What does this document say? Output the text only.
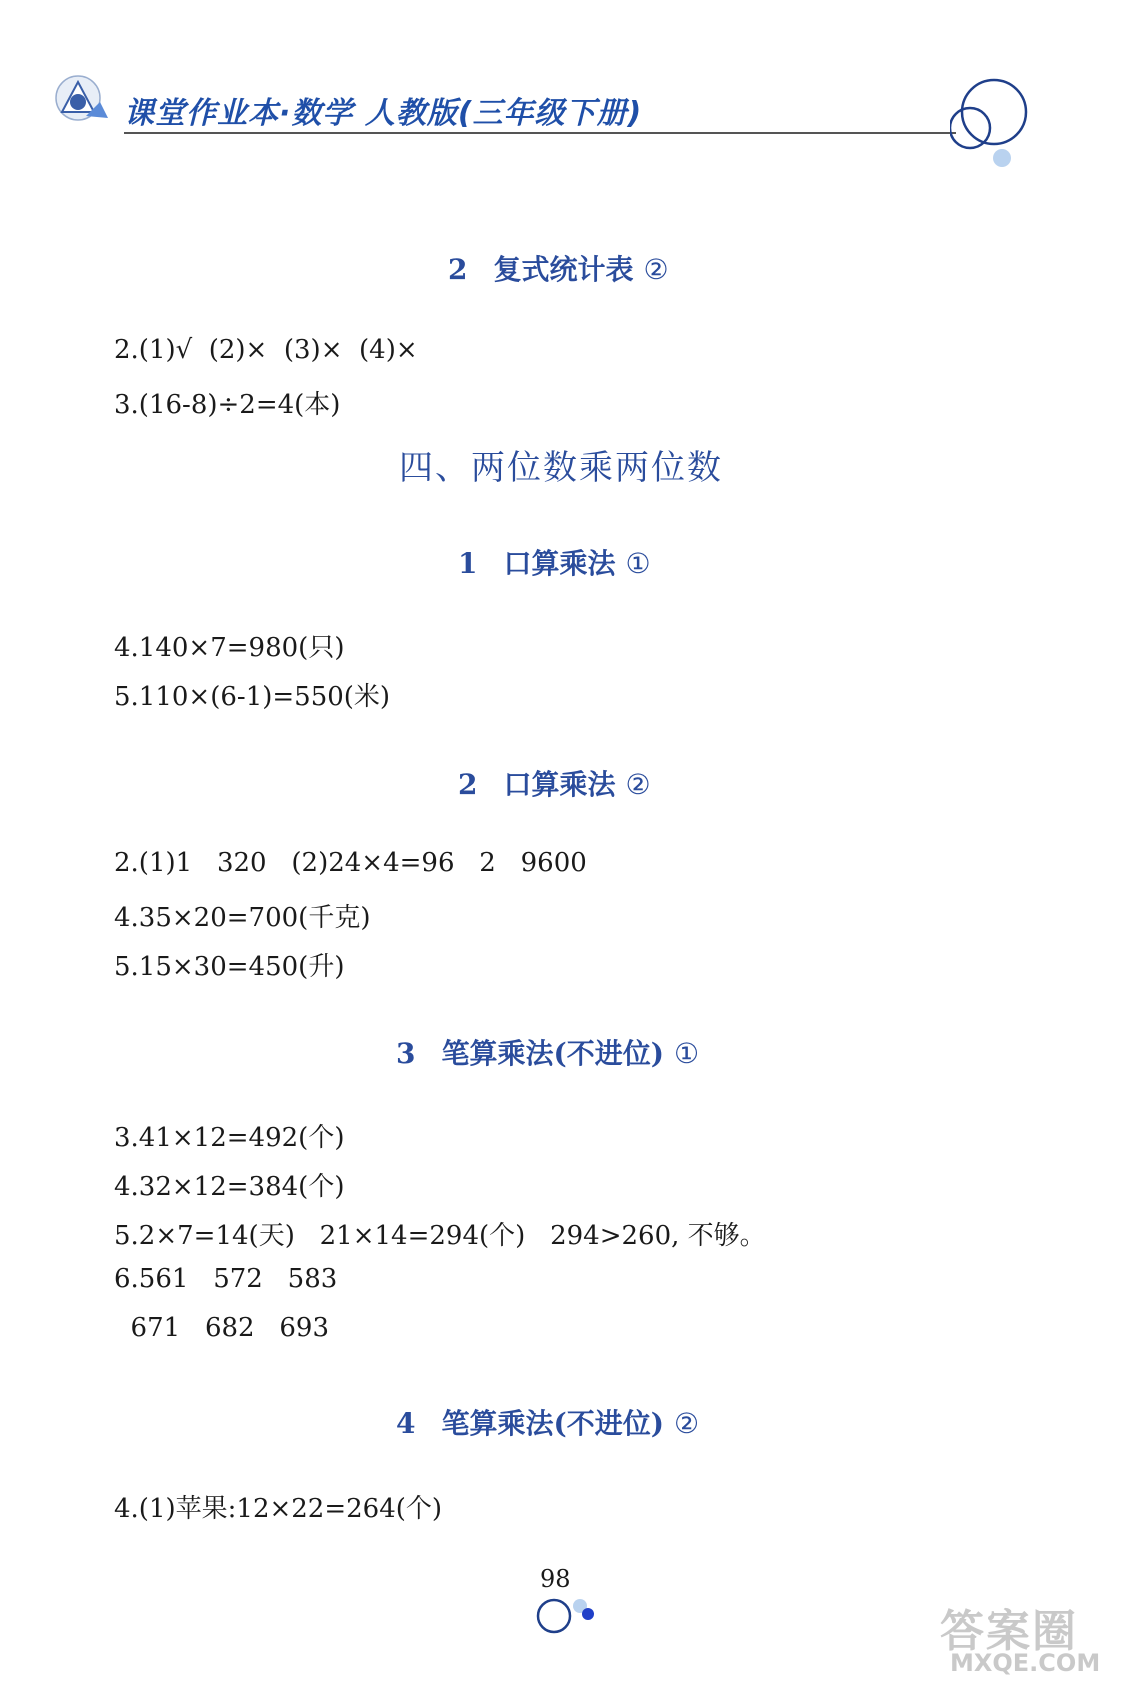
课堂作业本·数学 人教版(三年级下册)
2 复式统计表 ②
2.(1)√  (2)×  (3)×  (4)×
3.(16-8)÷2=4(本)
四、两位数乘两位数
1 口算乘法 ①
4.140×7=980(只)
5.110×(6-1)=550(米)
2 口算乘法 ②
2.(1)1   320   (2)24×4=96   2   9600
4.35×20=700(千克)
5.15×30=450(升)
3 笔算乘法(不进位) ①
3.41×12=492(个)
4.32×12=384(个)
5.2×7=14(天)   21×14=294(个)   294>260, 不够。
6.561   572   583
671   682   693
4 笔算乘法(不进位) ②
4.(1)苹果:12×22=264(个)
98
答案圈
MXQE.COM
